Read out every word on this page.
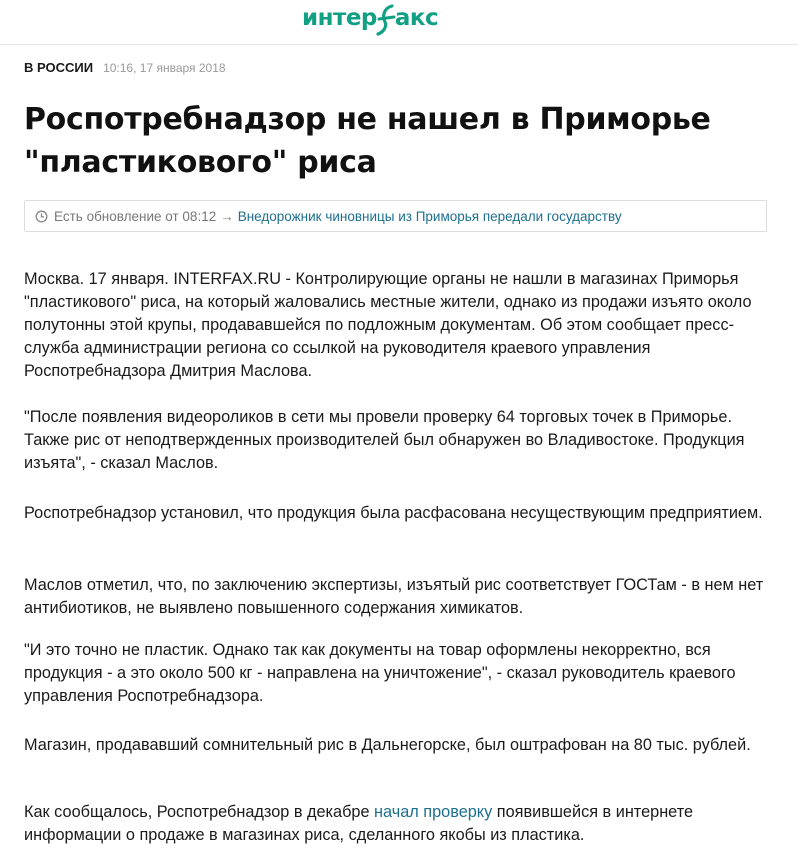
интер акс
В РОССИИ 10:16, 17 января 2018
Роспотребнадзор не нашел в Приморье "пластикового" риса
Есть обновление от 08:12 → Внедорожник чиновницы из Приморья передали государству

Москва. 17 января. INTERFAX.RU - Контролирующие органы не нашли в магазинах Приморья "пластикового" риса, на который жаловались местные жители, однако из продажи изъято около полутонны этой крупы, продававшейся по подложным документам. Об этом сообщает пресс-служба администрации региона со ссылкой на руководителя краевого управления Роспотребнадзора Дмитрия Маслова.

"После появления видеороликов в сети мы провели проверку 64 торговых точек в Приморье. Также рис от неподтвержденных производителей был обнаружен во Владивостоке. Продукция изъята", - сказал Маслов.

Роспотребнадзор установил, что продукция была расфасована несуществующим предприятием.

Маслов отметил, что, по заключению экспертизы, изъятый рис соответствует ГОСТам - в нем нет антибиотиков, не выявлено повышенного содержания химикатов.

"И это точно не пластик. Однако так как документы на товар оформлены некорректно, вся продукция - а это около 500 кг - направлена на уничтожение", - сказал руководитель краевого управления Роспотребнадзора.

Магазин, продававший сомнительный рис в Дальнегорске, был оштрафован на 80 тыс. рублей.

Как сообщалось, Роспотребнадзор в декабре начал проверку появившейся в интернете информации о продаже в магазинах риса, сделанного якобы из пластика.
